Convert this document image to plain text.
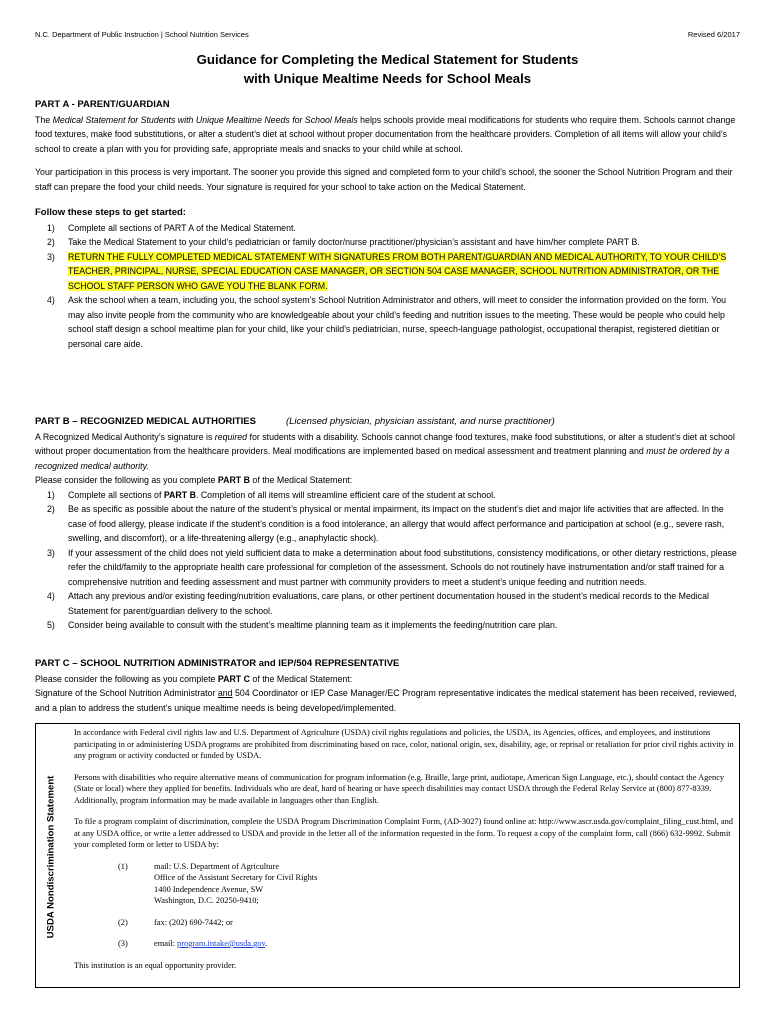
N.C. Department of Public Instruction | School Nutrition Services	Revised 6/2017
Guidance for Completing the Medical Statement for Students
with Unique Mealtime Needs for School Meals
PART A - PARENT/GUARDIAN

The Medical Statement for Students with Unique Mealtime Needs for School Meals helps schools provide meal modifications for students who require them. Schools cannot change food textures, make food substitutions, or alter a student’s diet at school without proper documentation from the healthcare providers. Completion of all items will allow your child’s school to create a plan with you for providing safe, appropriate meals and snacks to your child while at school.

Your participation in this process is very important. The sooner you provide this signed and completed form to your child’s school, the sooner the School Nutrition Program and their staff can prepare the food your child needs. Your signature is required for your school to take action on the Medical Statement.

Follow these steps to get started:

1) Complete all sections of PART A of the Medical Statement.
2) Take the Medical Statement to your child’s pediatrician or family doctor/nurse practitioner/physician’s assistant and have him/her complete PART B.
3) RETURN THE FULLY COMPLETED MEDICAL STATEMENT WITH SIGNATURES FROM BOTH PARENT/GUARDIAN AND MEDICAL AUTHORITY, TO YOUR CHILD’S TEACHER, PRINCIPAL, NURSE, SPECIAL EDUCATION CASE MANAGER, OR SECTION 504 CASE MANAGER, SCHOOL NUTRITION ADMINISTRATOR, OR THE SCHOOL STAFF PERSON WHO GAVE YOU THE BLANK FORM.
4) Ask the school when a team, including you, the school system’s School Nutrition Administrator and others, will meet to consider the information provided on the form. You may also invite people from the community who are knowledgeable about your child’s feeding and nutrition issues to the meeting. These would be people who could help school staff design a school mealtime plan for your child, like your child’s pediatrician, nurse, speech-language pathologist, occupational therapist, registered dietitian or personal care aide.
PART B – RECOGNIZED MEDICAL AUTHORITIES	(Licensed physician, physician assistant, and nurse practitioner)

A Recognized Medical Authority’s signature is required for students with a disability. Schools cannot change food textures, make food substitutions, or alter a student’s diet at school without proper documentation from the healthcare providers. Meal modifications are implemented based on medical assessment and treatment planning and must be ordered by a recognized medical authority.

Please consider the following as you complete PART B of the Medical Statement:

1) Complete all sections of PART B. Completion of all items will streamline efficient care of the student at school.
2) Be as specific as possible about the nature of the student’s physical or mental impairment, its impact on the student’s diet and major life activities that are affected. In the case of food allergy, please indicate if the student’s condition is a food intolerance, an allergy that would affect performance and participation at school (e.g., severe rash, swelling, and discomfort), or a life-threatening allergy (e.g., anaphylactic shock).
3) If your assessment of the child does not yield sufficient data to make a determination about food substitutions, consistency modifications, or other dietary restrictions, please refer the child/family to the appropriate health care professional for completion of the assessment. Schools do not routinely have instrumentation and/or staff trained for a comprehensive nutrition and feeding assessment and must partner with community providers to meet a student’s unique feeding and nutrition needs.
4) Attach any previous and/or existing feeding/nutrition evaluations, care plans, or other pertinent documentation housed in the student’s medical records to the Medical Statement for parent/guardian delivery to the school.
5) Consider being available to consult with the student’s mealtime planning team as it implements the feeding/nutrition care plan.
PART C – SCHOOL NUTRITION ADMINISTRATOR and IEP/504 REPRESENTATIVE

Please consider the following as you complete PART C of the Medical Statement:

Signature of the School Nutrition Administrator and 504 Coordinator or IEP Case Manager/EC Program representative indicates the medical statement has been received, reviewed, and a plan to address the student’s unique mealtime needs is being developed/implemented.

USDA Nondiscrimination Statement

In accordance with Federal civil rights law and U.S. Department of Agriculture (USDA) civil rights regulations and policies, the USDA, its Agencies, offices, and employees, and institutions participating in or administering USDA programs are prohibited from discriminating based on race, color, national origin, sex, disability, age, or reprisal or retaliation for prior civil rights activity in any program or activity conducted or funded by USDA.

Persons with disabilities who require alternative means of communication for program information (e.g. Braille, large print, audiotape, American Sign Language, etc.), should contact the Agency (State or local) where they applied for benefits. Individuals who are deaf, hard of hearing or have speech disabilities may contact USDA through the Federal Relay Service at (800) 877-8339. Additionally, program information may be made available in languages other than English.

To file a program complaint of discrimination, complete the USDA Program Discrimination Complaint Form, (AD-3027) found online at: http://www.ascr.usda.gov/complaint_filing_cust.html, and at any USDA office, or write a letter addressed to USDA and provide in the letter all of the information requested in the form. To request a copy of the complaint form, call (866) 632-9992. Submit your completed form or letter to USDA by:

(1)	mail: U.S. Department of Agriculture
Office of the Assistant Secretary for Civil Rights
1400 Independence Avenue, SW
Washington, D.C. 20250-9410;
(2)	fax: (202) 690-7442; or
(3)	email: program.intake@usda.gov.
This institution is an equal opportunity provider.
